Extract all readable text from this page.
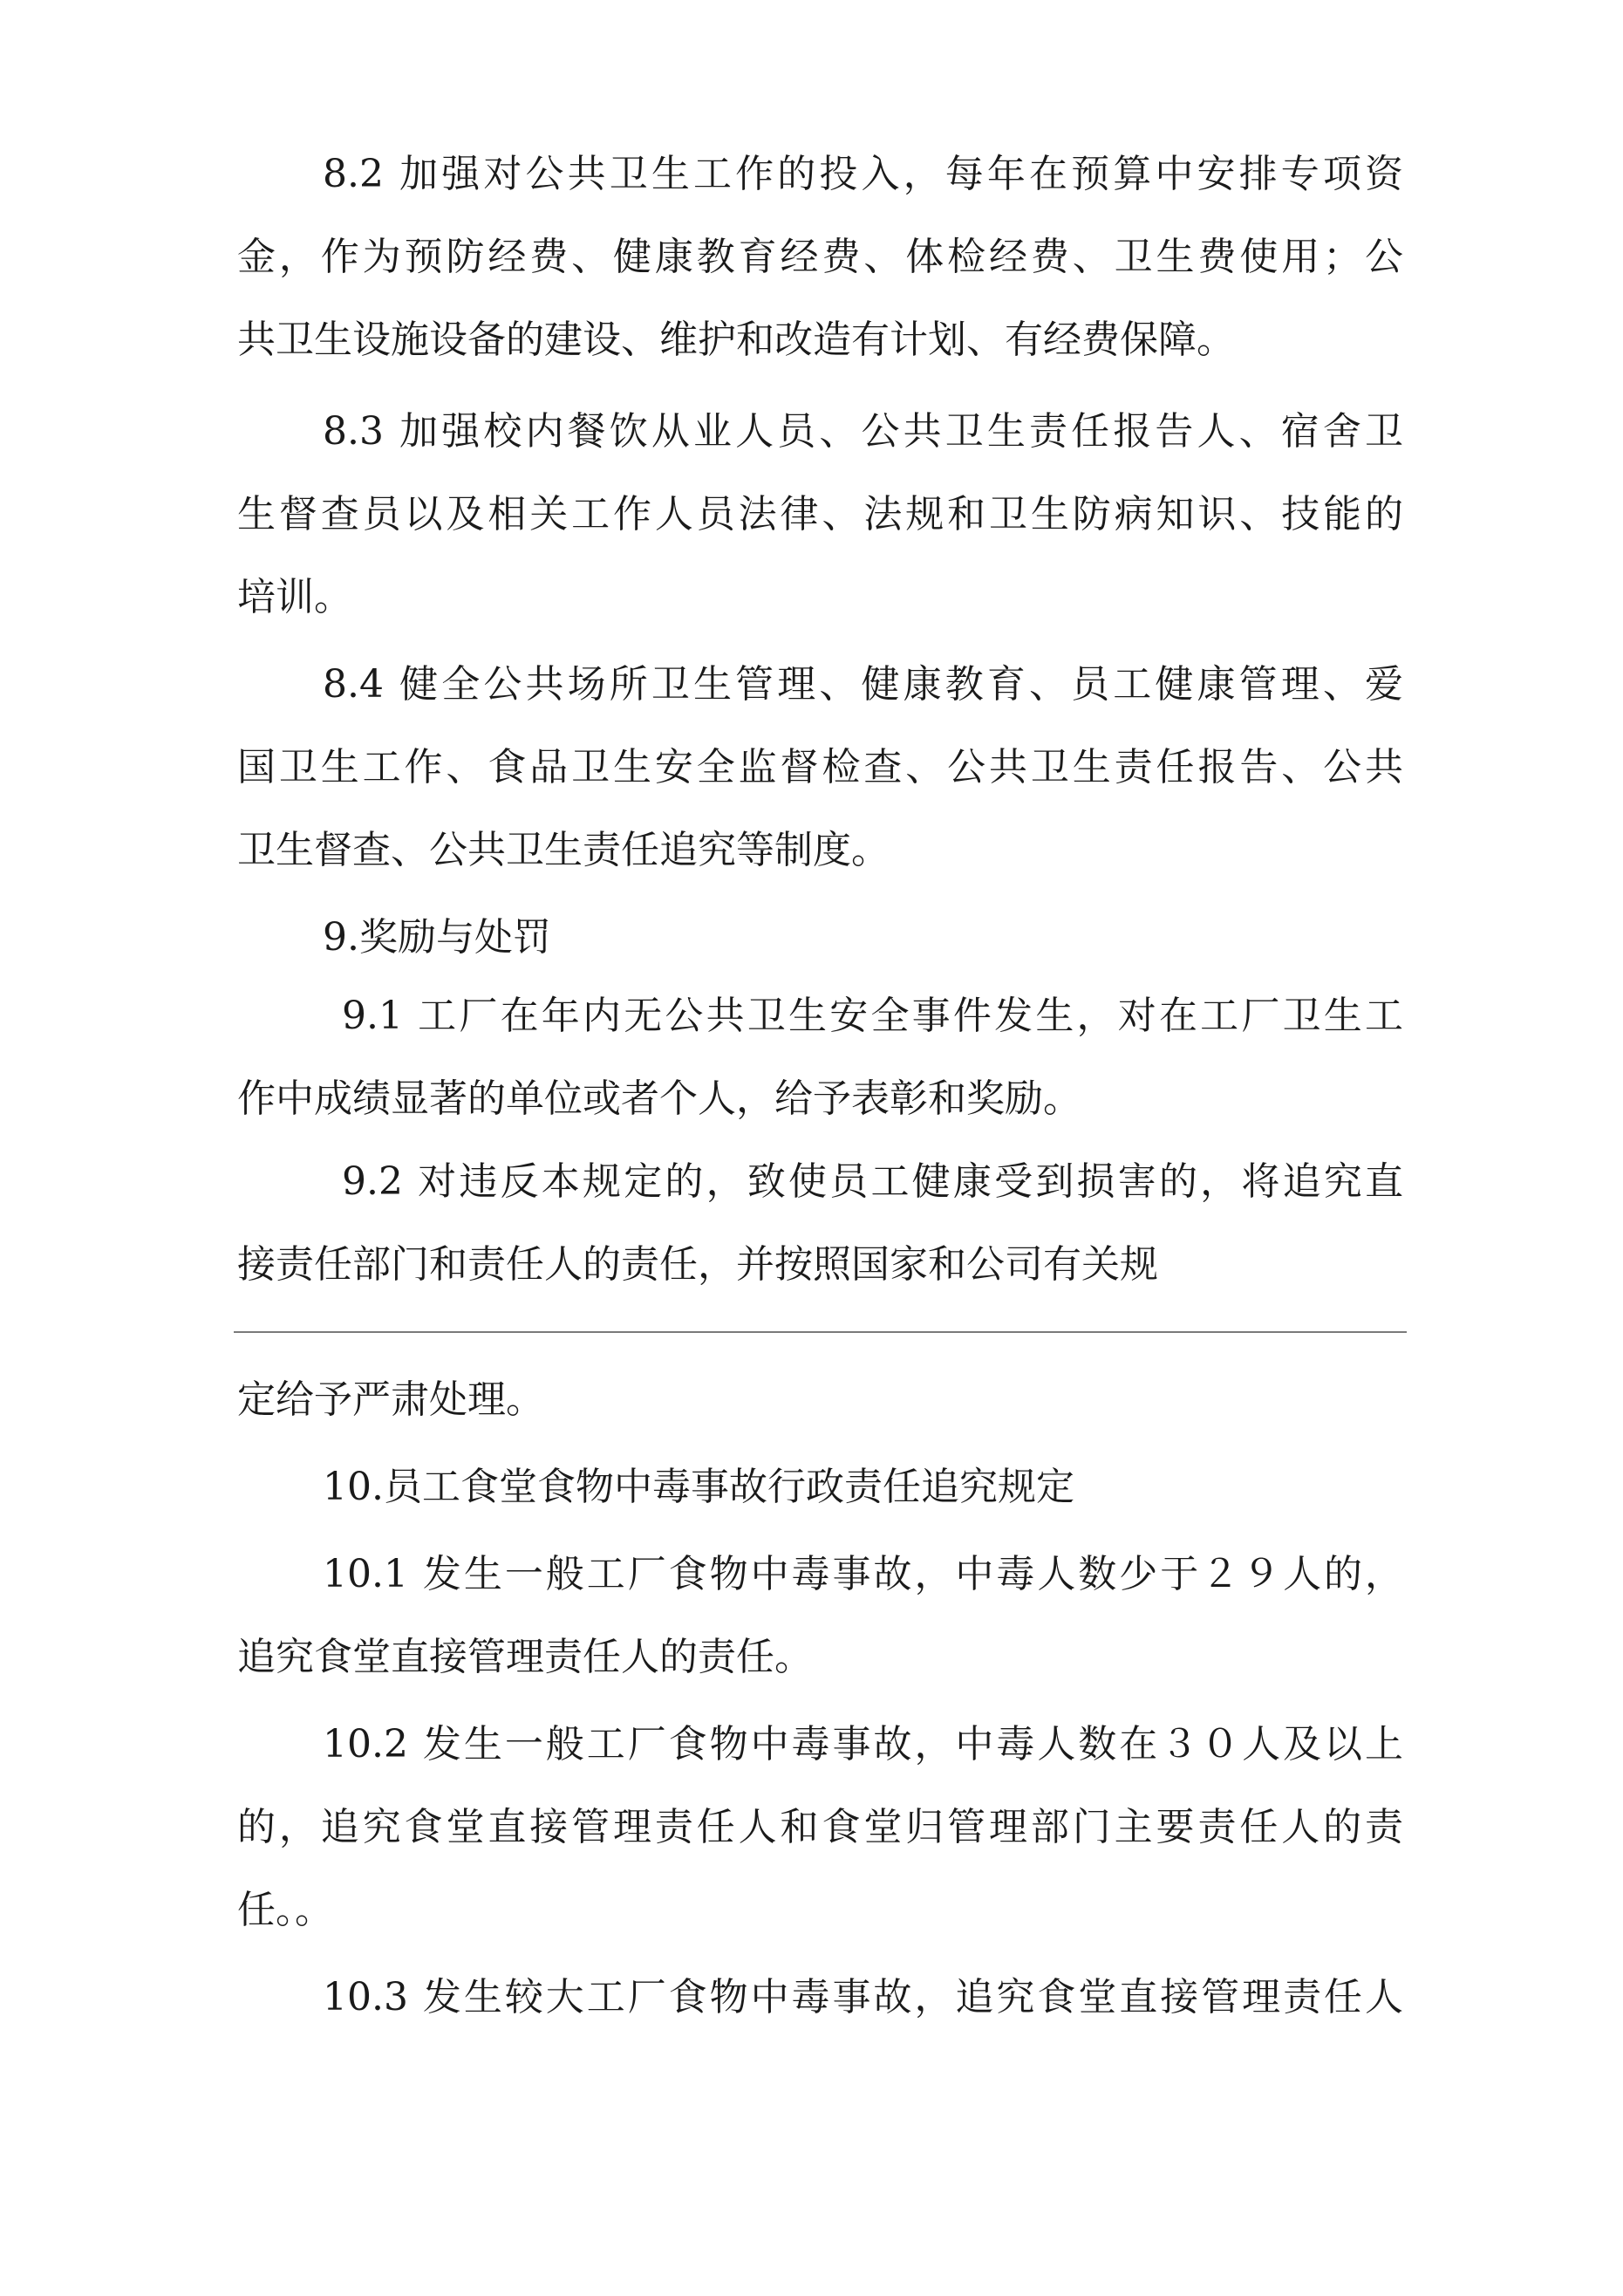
8.2 加强对公共卫生工作的投入，每年在预算中安排专项资

金，作为预防经费、健康教育经费、体检经费、卫生费使用；公

共卫生设施设备的建设、维护和改造有计划、有经费保障。

8.3 加强校内餐饮从业人员、公共卫生责任报告人、宿舍卫

生督查员以及相关工作人员法律、法规和卫生防病知识、技能的

培训。

8.4 健全公共场所卫生管理、健康教育、员工健康管理、爱

国卫生工作、食品卫生安全监督检查、公共卫生责任报告、公共

卫生督查、公共卫生责任追究等制度。

9.奖励与处罚

9.1 工厂在年内无公共卫生安全事件发生，对在工厂卫生工

作中成绩显著的单位或者个人，给予表彰和奖励。

9.2 对违反本规定的，致使员工健康受到损害的，将追究直

接责任部门和责任人的责任，并按照国家和公司有关规

定给予严肃处理。

10.员工食堂食物中毒事故行政责任追究规定

10.1 发生一般工厂食物中毒事故，中毒人数少于２９人的，

追究食堂直接管理责任人的责任。

10.2 发生一般工厂食物中毒事故，中毒人数在３０人及以上

的，追究食堂直接管理责任人和食堂归管理部门主要责任人的责

任。。

10.3 发生较大工厂食物中毒事故，追究食堂直接管理责任人
